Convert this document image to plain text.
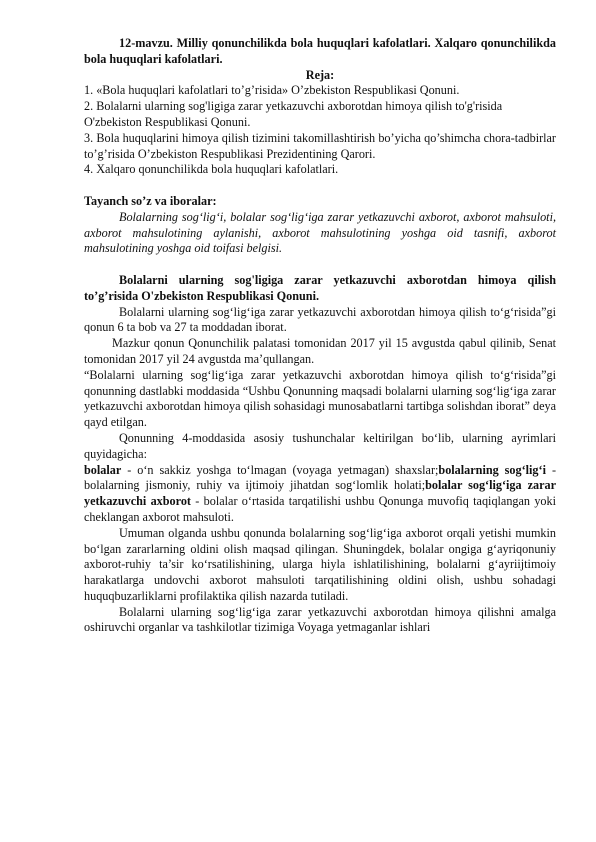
12-mavzu. Milliy qonunchilikda bola huquqlari kafolatlari. Xalqaro qonunchilikda bola huquqlari kafolatlari.

Reja:

1. «Bola huquqlari kafolatlari to’g’risida» O’zbekiston Respublikasi Qonuni.

2. Bolalarni ularning sog'ligiga zarar yetkazuvchi axborotdan himoya qilish to'g'risida O'zbekiston Respublikasi Qonuni.

3. Bola huquqlarini himoya qilish tizimini takomillashtirish bo’yicha qo’shimcha chora-tadbirlar to’g’risida O’zbekiston Respublikasi Prezidentining Qarori.

4. Xalqaro qonunchilikda bola huquqlari kafolatlari.

Tayanch so’z va iboralar:

Bolalarning sog‘lig‘i, bolalar sog‘lig‘iga zarar yetkazuvchi axborot, axborot mahsuloti, axborot mahsulotining aylanishi, axborot mahsulotining yoshga oid tasnifi, axborot mahsulotining yoshga oid toifasi belgisi.

Bolalarni ularning sog'ligiga zarar yetkazuvchi axborotdan himoya qilish to’g’risida O'zbekiston Respublikasi Qonuni.

Bolalarni ularning sog‘lig‘iga zarar yetkazuvchi axborotdan himoya qilish to‘g‘risida”gi qonun 6 ta bob va 27 ta moddadan iborat.

Mazkur qonun Qonunchilik palatasi tomonidan 2017 yil 15 avgustda qabul qilinib, Senat tomonidan 2017 yil 24 avgustda ma’qullangan.

“Bolalarni ularning sog‘lig‘iga zarar yetkazuvchi axborotdan himoya qilish to‘g‘risida”gi qonunning dastlabki moddasida “Ushbu Qonunning maqsadi bolalarni ularning sog‘lig‘iga zarar yetkazuvchi axborotdan himoya qilish sohasidagi munosabatlarni tartibga solishdan iborat” deya qayd etilgan.

Qonunning 4-moddasida asosiy tushunchalar keltirilgan bo‘lib, ularning ayrimlari quyidagicha:

bolalar - o‘n sakkiz yoshga to‘lmagan (voyaga yetmagan) shaxslar;bolalarning sog‘lig‘i - bolalarning jismoniy, ruhiy va ijtimoiy jihatdan sog‘lomlik holati;bolalar sog‘lig‘iga zarar yetkazuvchi axborot - bolalar o‘rtasida tarqatilishi ushbu Qonunga muvofiq taqiqlangan yoki cheklangan axborot mahsuloti.

Umuman olganda ushbu qonunda bolalarning sog‘lig‘iga axborot orqali yetishi mumkin bo‘lgan zararlarning oldini olish maqsad qilingan. Shuningdek, bolalar ongiga g‘ayriqonuniy axborot-ruhiy ta’sir ko‘rsatilishining, ularga hiyla ishlatilishining, bolalarni g‘ayriijtimoiy harakatlarga undovchi axborot mahsuloti tarqatilishining oldini olish, ushbu sohadagi huquqbuzarliklarni profilaktika qilish nazarda tutiladi.

Bolalarni ularning sog‘lig‘iga zarar yetkazuvchi axborotdan himoya qilishni amalga oshiruvchi organlar va tashkilotlar tizimiga Voyaga yetmaganlar ishlari
